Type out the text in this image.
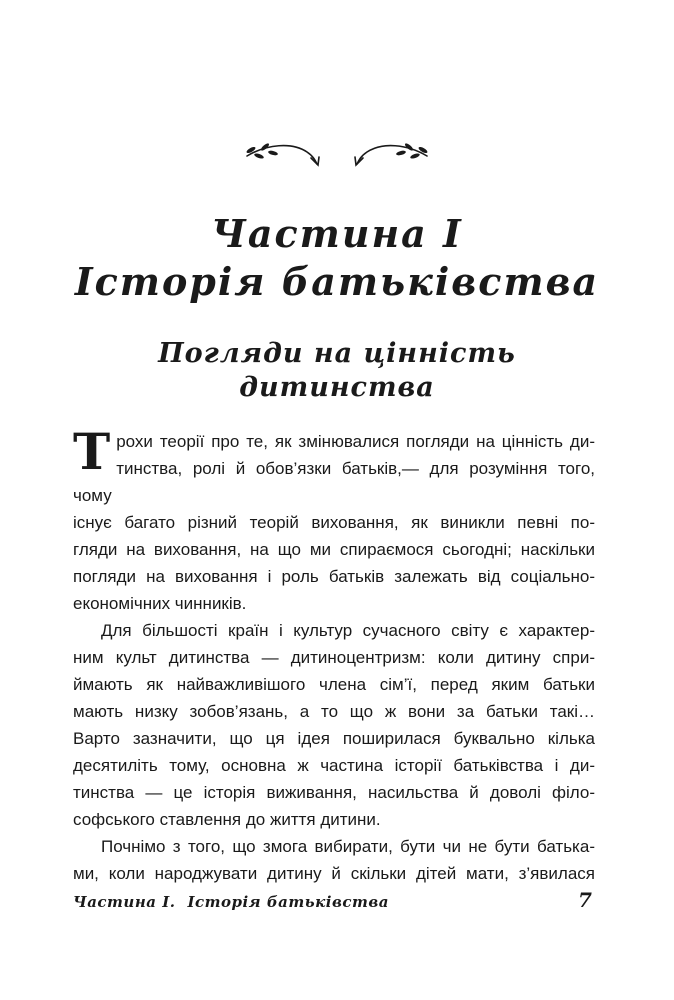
Частина І
Історія батьківства
Погляди на цінність
дитинства
Т рохи теорії про те, як змінювалися погляди на цінність ди-

тинства, ролі й обов’язки батьків,— для розуміння того, чому

існує багато різний теорій виховання, як виникли певні по-

гляди на виховання, на що ми спираємося сьогодні; наскільки

погляди на виховання і роль батьків залежать від соціально-

економічних чинників.

Для більшості країн і культур сучасного світу є характер-

ним культ дитинства — дитиноцентризм: коли дитину спри-

ймають як найважливішого члена сім’ї, перед яким батьки

мають низку зобов’язань, а то що ж вони за батьки такі…

Варто зазначити, що ця ідея поширилася буквально кілька

десятиліть тому, основна ж частина історії батьківства і ди-

тинства — це історія виживання, насильства й доволі філо-

софського ставлення до життя дитини.

Почнімо з того, що змога вибирати, бути чи не бути батька-

ми, коли народжувати дитину й скільки дітей мати, з’явилася

Частина І. Історія батьківства	7
